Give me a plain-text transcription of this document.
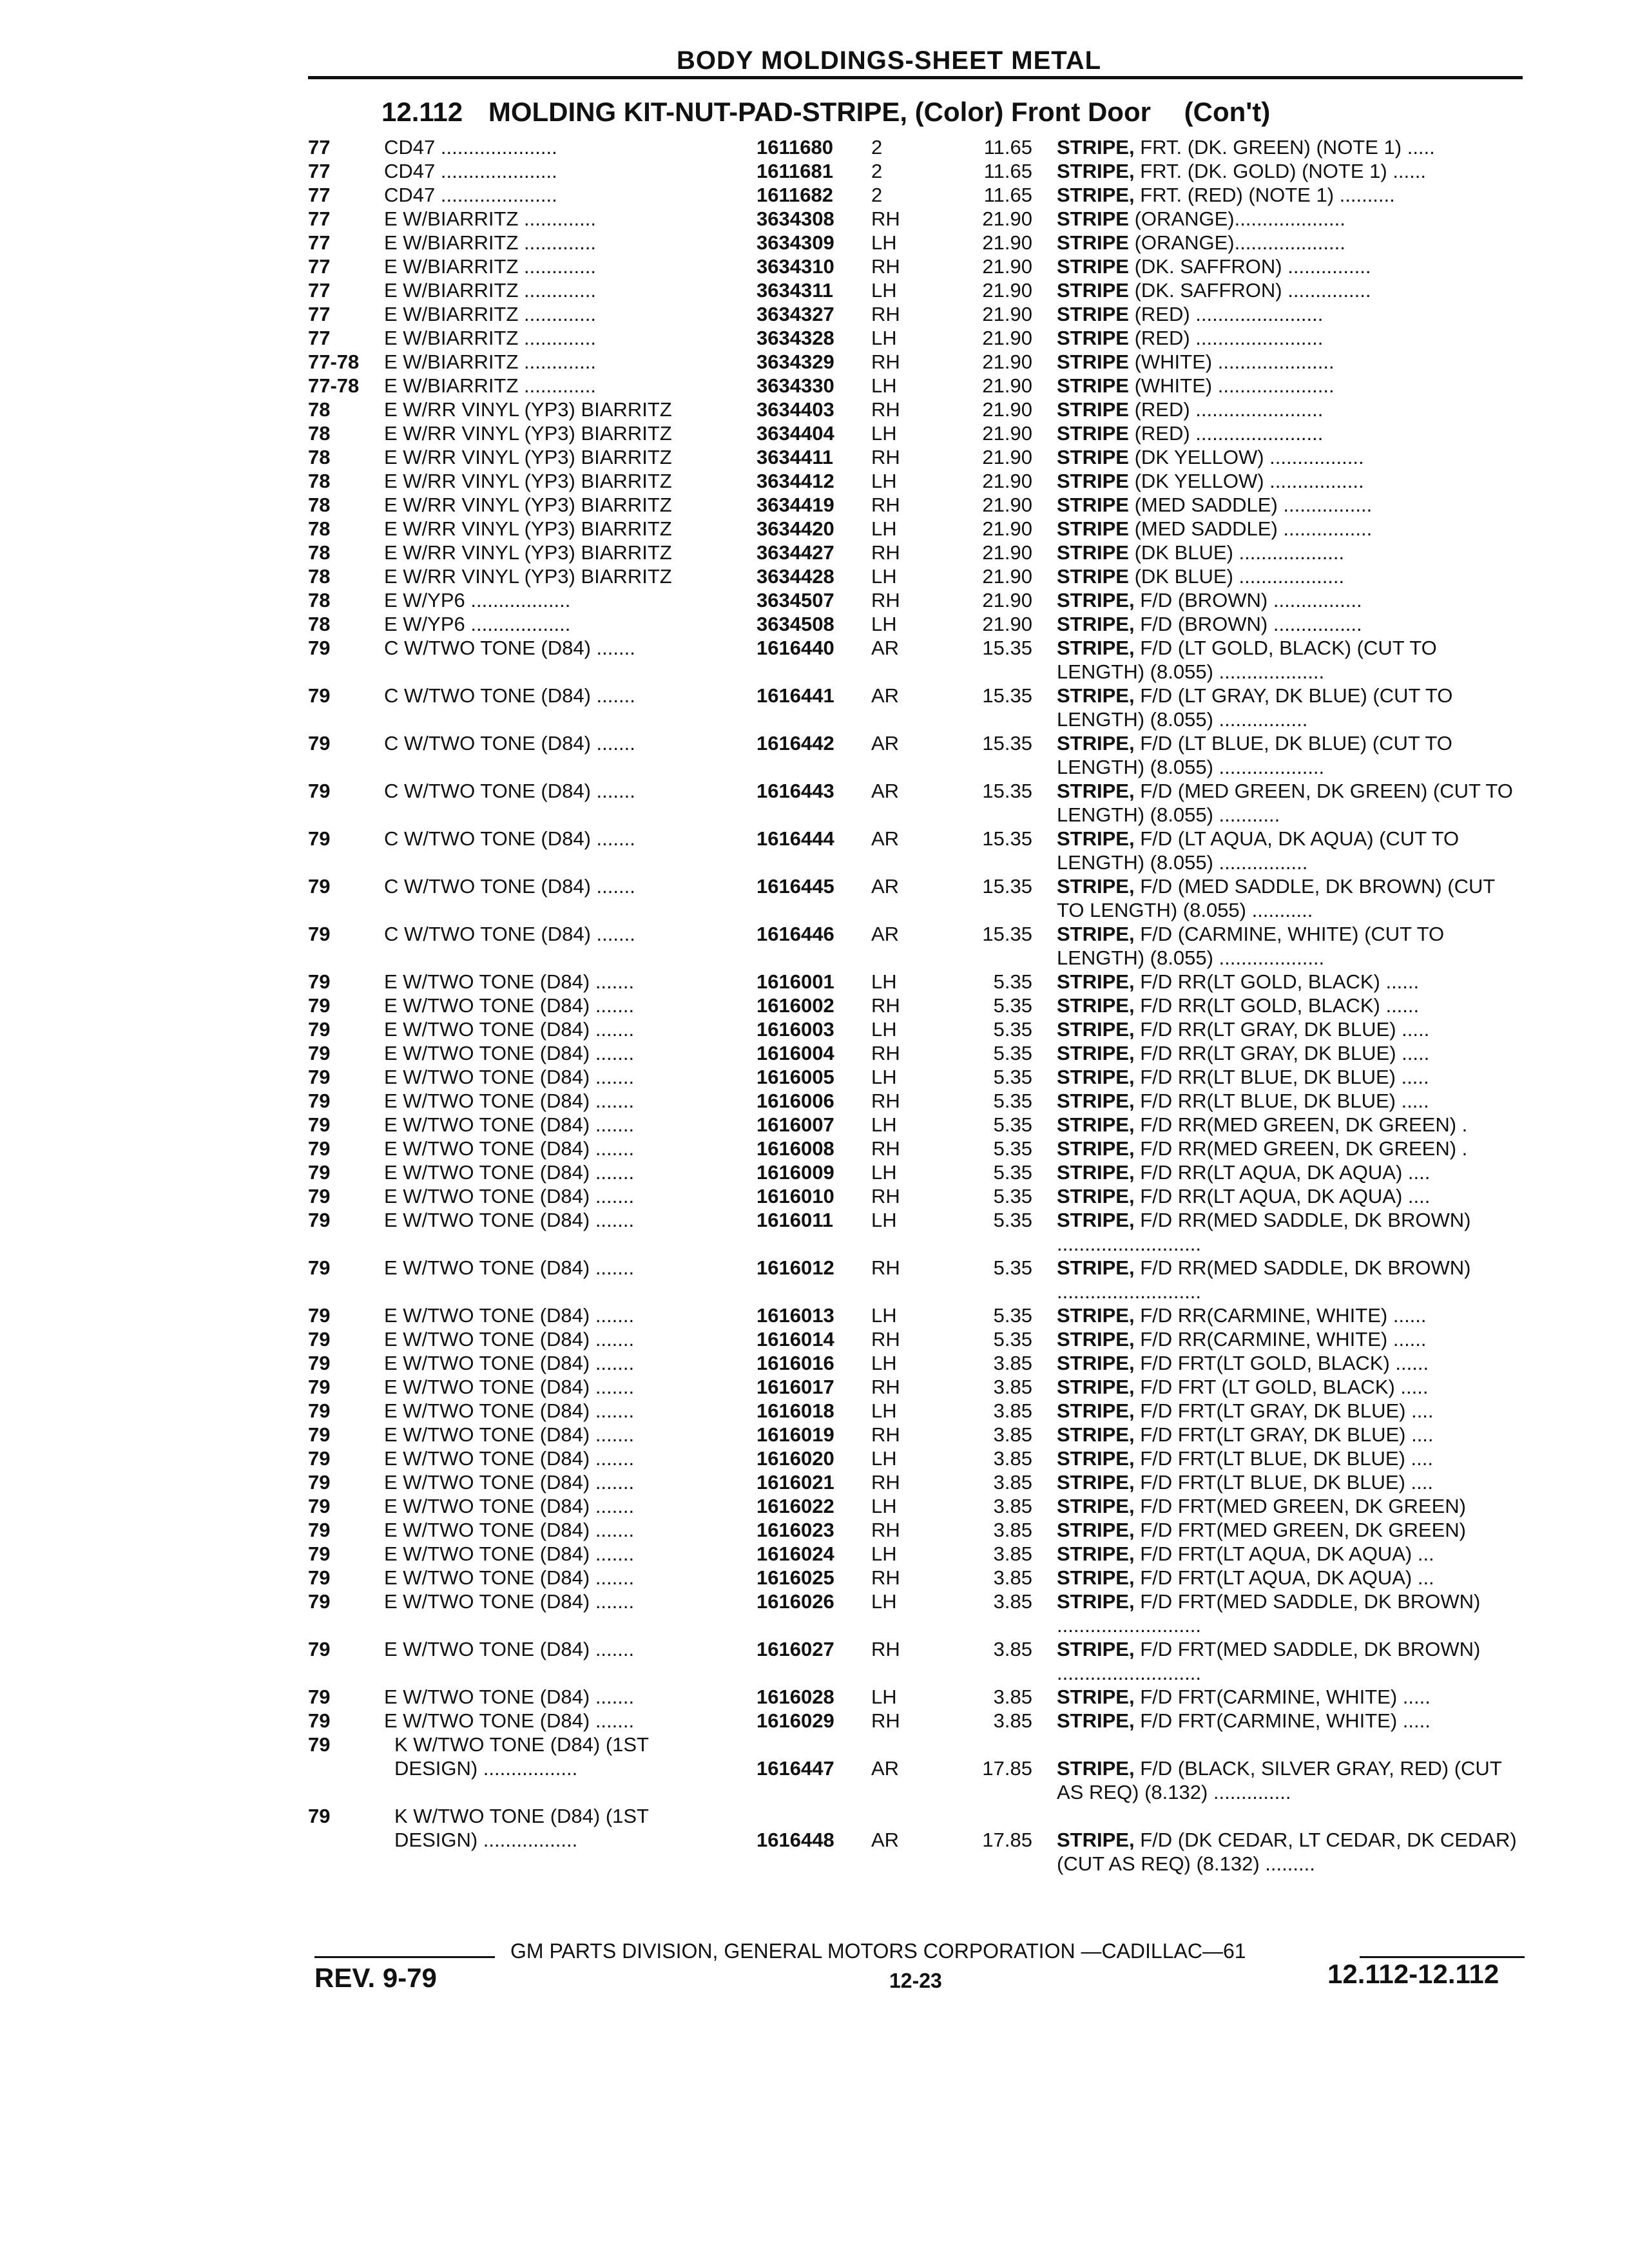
BODY MOLDINGS-SHEET METAL
12.112 MOLDING KIT-NUT-PAD-STRIPE, (Color) Front Door (Con't)
77	CD47 .....................	1611680 2	11.65 STRIPE, FRT. (DK. GREEN) (NOTE 1) .....
77	CD47 .....................	1611681 2	11.65 STRIPE, FRT. (DK. GOLD) (NOTE 1) ......
77	CD47 .....................	1611682 2	11.65 STRIPE, FRT. (RED) (NOTE 1) ..........
77	E W/BIARRITZ .............	3634308 RH	21.90 STRIPE (ORANGE)....................
77	E W/BIARRITZ .............	3634309 LH	21.90 STRIPE (ORANGE)....................
77	E W/BIARRITZ .............	3634310 RH	21.90 STRIPE (DK. SAFFRON) ...............
77	E W/BIARRITZ .............	3634311 LH	21.90 STRIPE (DK. SAFFRON) ...............
77	E W/BIARRITZ .............	3634327 RH	21.90 STRIPE (RED) .......................
77	E W/BIARRITZ .............	3634328 LH	21.90 STRIPE (RED) .......................
77-78 E W/BIARRITZ .............	3634329 RH	21.90 STRIPE (WHITE) .....................
77-78 E W/BIARRITZ .............	3634330 LH	21.90 STRIPE (WHITE) .....................
78	E W/RR VINYL (YP3) BIARRITZ	3634403 RH	21.90 STRIPE (RED) .......................
78	E W/RR VINYL (YP3) BIARRITZ	3634404 LH	21.90 STRIPE (RED) .......................
78	E W/RR VINYL (YP3) BIARRITZ	3634411 RH	21.90 STRIPE (DK YELLOW) .................
78	E W/RR VINYL (YP3) BIARRITZ	3634412 LH	21.90 STRIPE (DK YELLOW) .................
78	E W/RR VINYL (YP3) BIARRITZ	3634419 RH	21.90 STRIPE (MED SADDLE) ................
78	E W/RR VINYL (YP3) BIARRITZ	3634420 LH	21.90 STRIPE (MED SADDLE) ................
78	E W/RR VINYL (YP3) BIARRITZ	3634427 RH	21.90 STRIPE (DK BLUE) ...................
78	E W/RR VINYL (YP3) BIARRITZ	3634428 LH	21.90 STRIPE (DK BLUE) ...................
78	E W/YP6 ..................	3634507 RH	21.90 STRIPE, F/D (BROWN) ................
78	E W/YP6 ..................	3634508 LH	21.90 STRIPE, F/D (BROWN) ................
79	C W/TWO TONE (D84) .......	1616440 AR	15.35 STRIPE, F/D (LT GOLD, BLACK) (CUT TO LENGTH) (8.055) ...................
79	C W/TWO TONE (D84) .......	1616441 AR	15.35 STRIPE, F/D (LT GRAY, DK BLUE) (CUT TO LENGTH) (8.055) ................
79	C W/TWO TONE (D84) .......	1616442 AR	15.35 STRIPE, F/D (LT BLUE, DK BLUE) (CUT TO LENGTH) (8.055) ...................
79	C W/TWO TONE (D84) .......	1616443 AR	15.35 STRIPE, F/D (MED GREEN, DK GREEN) (CUT TO LENGTH) (8.055) ...........
79	C W/TWO TONE (D84) .......	1616444 AR	15.35 STRIPE, F/D (LT AQUA, DK AQUA) (CUT TO LENGTH) (8.055) ................
79	C W/TWO TONE (D84) .......	1616445 AR	15.35 STRIPE, F/D (MED SADDLE, DK BROWN) (CUT TO LENGTH) (8.055) ...........
79	C W/TWO TONE (D84) .......	1616446 AR	15.35 STRIPE, F/D (CARMINE, WHITE) (CUT TO LENGTH) (8.055) ...................
79	E W/TWO TONE (D84) .......	1616001 LH	5.35 STRIPE, F/D RR(LT GOLD, BLACK) ......
79	E W/TWO TONE (D84) .......	1616002 RH	5.35 STRIPE, F/D RR(LT GOLD, BLACK) ......
79	E W/TWO TONE (D84) .......	1616003 LH	5.35 STRIPE, F/D RR(LT GRAY, DK BLUE) .....
79	E W/TWO TONE (D84) .......	1616004 RH	5.35 STRIPE, F/D RR(LT GRAY, DK BLUE) .....
79	E W/TWO TONE (D84) .......	1616005 LH	5.35 STRIPE, F/D RR(LT BLUE, DK BLUE) .....
79	E W/TWO TONE (D84) .......	1616006 RH	5.35 STRIPE, F/D RR(LT BLUE, DK BLUE) .....
79	E W/TWO TONE (D84) .......	1616007 LH	5.35 STRIPE, F/D RR(MED GREEN, DK GREEN) .
79	E W/TWO TONE (D84) .......	1616008 RH	5.35 STRIPE, F/D RR(MED GREEN, DK GREEN) .
79	E W/TWO TONE (D84) .......	1616009 LH	5.35 STRIPE, F/D RR(LT AQUA, DK AQUA) ....
79	E W/TWO TONE (D84) .......	1616010 RH	5.35 STRIPE, F/D RR(LT AQUA, DK AQUA) ....
79	E W/TWO TONE (D84) .......	1616011 LH	5.35 STRIPE, F/D RR(MED SADDLE, DK BROWN) ..........................
79	E W/TWO TONE (D84) .......	1616012 RH	5.35 STRIPE, F/D RR(MED SADDLE, DK BROWN) ..........................
79	E W/TWO TONE (D84) .......	1616013 LH	5.35 STRIPE, F/D RR(CARMINE, WHITE) ......
79	E W/TWO TONE (D84) .......	1616014 RH	5.35 STRIPE, F/D RR(CARMINE, WHITE) ......
79	E W/TWO TONE (D84) .......	1616016 LH	3.85 STRIPE, F/D FRT(LT GOLD, BLACK) ......
79	E W/TWO TONE (D84) .......	1616017 RH	3.85 STRIPE, F/D FRT (LT GOLD, BLACK) .....
79	E W/TWO TONE (D84) .......	1616018 LH	3.85 STRIPE, F/D FRT(LT GRAY, DK BLUE) ....
79	E W/TWO TONE (D84) .......	1616019 RH	3.85 STRIPE, F/D FRT(LT GRAY, DK BLUE) ....
79	E W/TWO TONE (D84) .......	1616020 LH	3.85 STRIPE, F/D FRT(LT BLUE, DK BLUE) ....
79	E W/TWO TONE (D84) .......	1616021 RH	3.85 STRIPE, F/D FRT(LT BLUE, DK BLUE) ....
79	E W/TWO TONE (D84) .......	1616022 LH	3.85 STRIPE, F/D FRT(MED GREEN, DK GREEN)
79	E W/TWO TONE (D84) .......	1616023 RH	3.85 STRIPE, F/D FRT(MED GREEN, DK GREEN)
79	E W/TWO TONE (D84) .......	1616024 LH	3.85 STRIPE, F/D FRT(LT AQUA, DK AQUA) ...
79	E W/TWO TONE (D84) .......	1616025 RH	3.85 STRIPE, F/D FRT(LT AQUA, DK AQUA) ...
79	E W/TWO TONE (D84) .......	1616026 LH	3.85 STRIPE, F/D FRT(MED SADDLE, DK BROWN) ..........................
79	E W/TWO TONE (D84) .......	1616027 RH	3.85 STRIPE, F/D FRT(MED SADDLE, DK BROWN) ..........................
79	E W/TWO TONE (D84) .......	1616028 LH	3.85 STRIPE, F/D FRT(CARMINE, WHITE) .....
79	E W/TWO TONE (D84) .......	1616029 RH	3.85 STRIPE, F/D FRT(CARMINE, WHITE) .....
79	K W/TWO TONE (D84) (1ST DESIGN) .................	1616447 AR	17.85 STRIPE, F/D (BLACK, SILVER GRAY, RED) (CUT AS REQ) (8.132) ..............
79	K W/TWO TONE (D84) (1ST DESIGN) .................	1616448 AR	17.85 STRIPE, F/D (DK CEDAR, LT CEDAR, DK CEDAR) (CUT AS REQ) (8.132) .........
GM PARTS DIVISION, GENERAL MOTORS CORPORATION —CADILLAC—61
REV. 9-79	12-23	12.112-12.112
